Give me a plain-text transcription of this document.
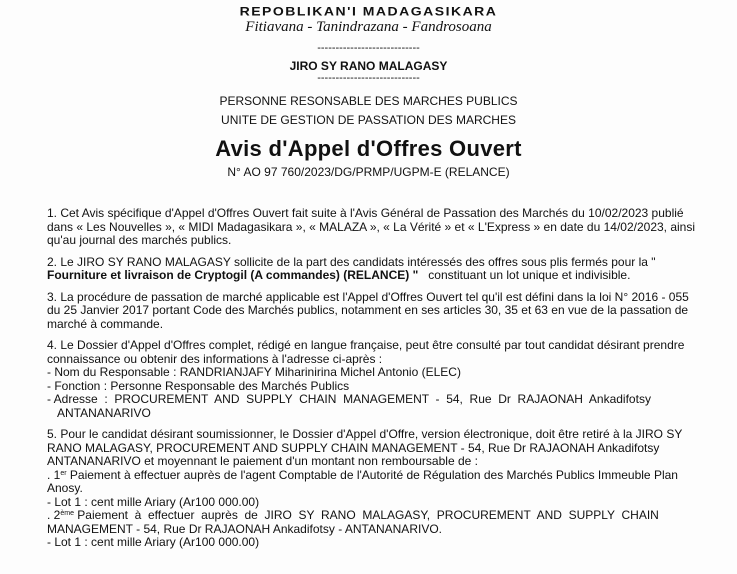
REPOBLIKAN'I MADAGASIKARA
Fitiavana - Tanindrazana - Fandrosoana
----------------------------
JIRO SY RANO MALAGASY
----------------------------
PERSONNE RESONSABLE DES MARCHES PUBLICS
UNITE DE GESTION DE PASSATION DES MARCHES
Avis d'Appel d'Offres Ouvert
N° AO 97 760/2023/DG/PRMP/UGPM-E (RELANCE)

1. Cet Avis spécifique d'Appel d'Offres Ouvert fait suite à l'Avis Général de Passation des Marchés du 10/02/2023 publié
dans « Les Nouvelles », « MIDI Madagasikara », « MALAZA », « La Vérité » et « L'Express » en date du 14/02/2023, ainsi
qu'au journal des marchés publics.

2. Le JIRO SY RANO MALAGASY sollicite de la part des candidats intéressés des offres sous plis fermés pour la "
Fourniture et livraison de Cryptogil (A commandes) (RELANCE) " constituant un lot unique et indivisible.

3. La procédure de passation de marché applicable est l'Appel d'Offres Ouvert tel qu'il est défini dans la loi N° 2016 - 055
du 25 Janvier 2017 portant Code des Marchés publics, notamment en ses articles 30, 35 et 63 en vue de la passation de
marché à commande.

4. Le Dossier d'Appel d'Offres complet, rédigé en langue française, peut être consulté par tout candidat désirant prendre
connaissance ou obtenir des informations à l'adresse ci-après :
- Nom du Responsable : RANDRIANJAFY Miharinirina Michel Antonio (ELEC)
- Fonction : Personne Responsable des Marchés Publics
- Adresse  :  PROCUREMENT  AND  SUPPLY  CHAIN  MANAGEMENT  -  54,  Rue  Dr  RAJAONAH  Ankadifotsy
ANTANANARIVO

5. Pour le candidat désirant soumissionner, le Dossier d'Appel d'Offre, version électronique, doit être retiré à la JIRO SY
RANO MALAGASY, PROCUREMENT AND SUPPLY CHAIN MANAGEMENT - 54, Rue Dr RAJAONAH Ankadifotsy
ANTANANARIVO et moyennant le paiement d'un montant non remboursable de :
. 1er Paiement à effectuer auprès de l'agent Comptable de l'Autorité de Régulation des Marchés Publics Immeuble Plan
Anosy.
- Lot 1 : cent mille Ariary (Ar100 000.00)
. 2ème Paiement  à  effectuer  auprès  de  JIRO  SY  RANO  MALAGASY,  PROCUREMENT  AND  SUPPLY  CHAIN
MANAGEMENT - 54, Rue Dr RAJAONAH Ankadifotsy - ANTANANARIVO.
- Lot 1 : cent mille Ariary (Ar100 000.00)
